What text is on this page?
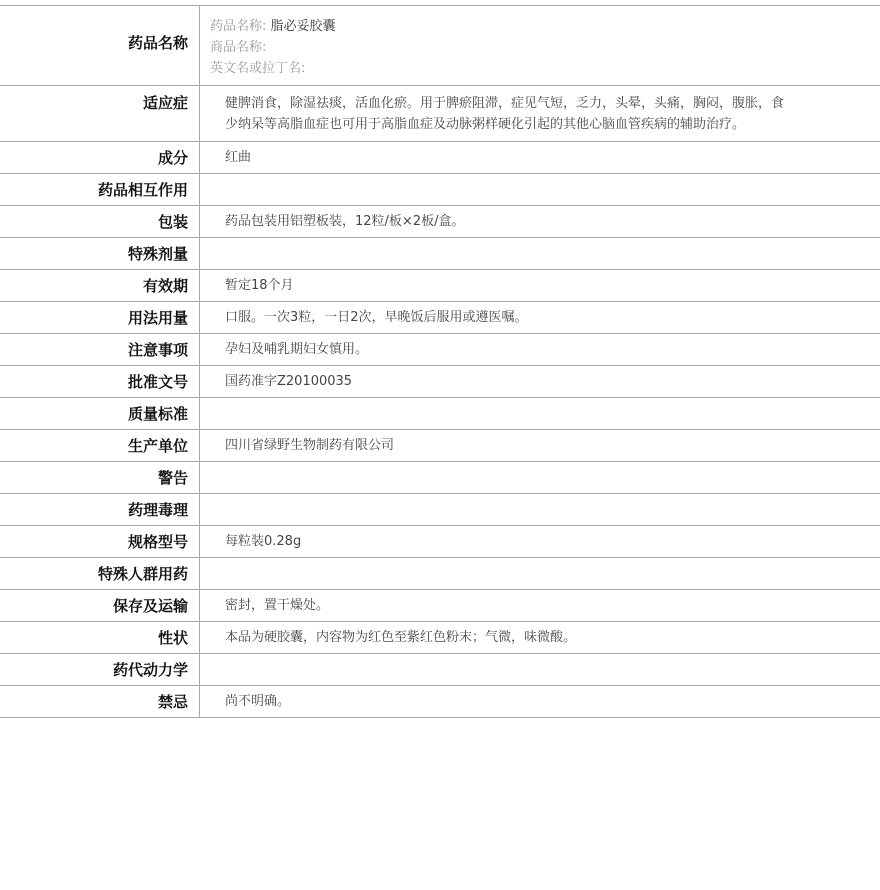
药品名称
药品名称: 脂必妥胶囊
商品名称:
英文名或拉丁名:
适应症	健脾消食，除湿祛痰，活血化瘀。用于脾瘀阻滞，症见气短，乏力，头晕，头痛，胸闷，腹胀，食少纳呆等高脂血症也可用于高脂血症及动脉粥样硬化引起的其他心脑血管疾病的辅助治疗。
成分	红曲
药品相互作用
包装	药品包装用铝塑板装，12粒/板×2板/盒。
特殊剂量
有效期	暂定18个月
用法用量	口服。一次3粒，一日2次，早晚饭后服用或遵医嘱。
注意事项	孕妇及哺乳期妇女慎用。
批准文号	国药准字Z20100035
质量标准
生产单位	四川省绿野生物制药有限公司
警告
药理毒理
规格型号	每粒装0.28g
特殊人群用药
保存及运输	密封，置干燥处。
性状	本品为硬胶囊，内容物为红色至紫红色粉末；气微，味微酸。
药代动力学
禁忌	尚不明确。
